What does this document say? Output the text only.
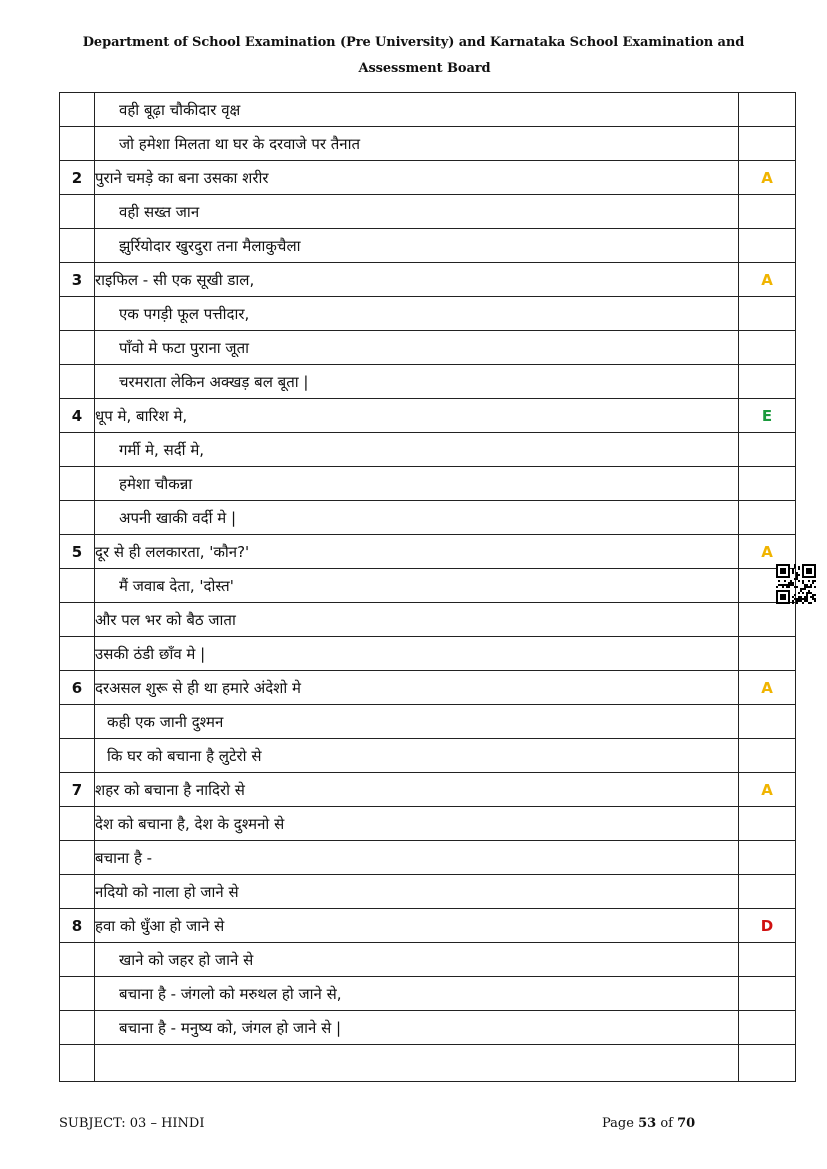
Department of School Examination (Pre University) and Karnataka School Examination and
Assessment Board
	वही बूढ़ा चौकीदार वृक्ष	
	जो हमेशा मिलता था घर के दरवाजे पर तैनात	
2	पुराने चमड़े का बना उसका शरीर	A
	वही सख्त जान	
	झुर्रियोदार खुरदुरा तना मैलाकुचैला	
3	राइफिल - सी एक सूखी डाल,	A
	एक पगड़ी फूल पत्तीदार,	
	पाँवो मे फटा पुराना जूता	
	चरमराता लेकिन अक्खड़ बल बूता |	
4	धूप मे, बारिश मे,	E
	गर्मी मे, सर्दी मे,	
	हमेशा चौकन्ना	
	अपनी खाकी वर्दी मे |	
5	दूर से ही ललकारता, 'कौन?'	A
	मैं जवाब देता, 'दोस्त'	
	और पल भर को बैठ जाता	
	उसकी ठंडी छाँव मे |	
6	दरअसल शुरू से ही था हमारे अंदेशो मे	A
	कही एक जानी दुश्मन	
	कि घर को बचाना है लुटेरो से	
7	शहर को बचाना है नादिरो से	A
	देश को बचाना है, देश के दुश्मनो से	
	बचाना है -	
	नदियो को नाला हो जाने से	
8	हवा को धुँआ हो जाने से	D
	खाने को जहर हो जाने से	
	बचाना है - जंगलो को मरुथल हो जाने से,	
	बचाना है - मनुष्य को, जंगल हो जाने से |	

SUBJECT: 03 – HINDI	Page 53 of 70
